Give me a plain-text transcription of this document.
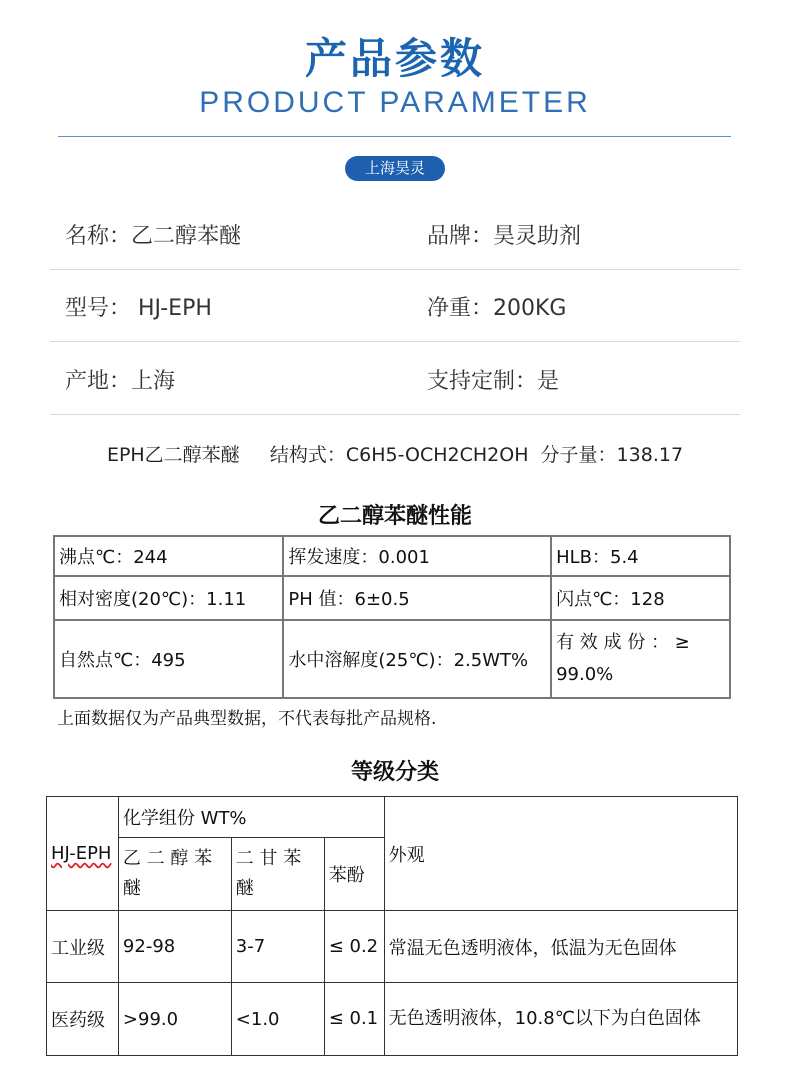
产品参数
PRODUCT PARAMETER
上海昊灵
名称：乙二醇苯醚	品牌：昊灵助剂
型号： HJ-EPH	净重：200KG
产地：上海	支持定制：是
EPH乙二醇苯醚     结构式：C6H5-OCH2CH2OH  分子量：138.17
乙二醇苯醚性能
沸点℃：244	挥发速度：0.001	HLB：5.4
相对密度(20℃)：1.11	PH 值：6±0.5	闪点℃：128
自然点℃：495	水中溶解度(25℃)：2.5WT%	有 效 成 份 ： ≥ 99.0%
上面数据仅为产品典型数据，不代表每批产品规格.
等级分类
HJ-EPH	化学组份 WT%			外观
	乙 二 醇 苯 醚	二 甘 苯 醚	苯酚	
工业级	92-98	3-7	≤ 0.2	常温无色透明液体，低温为无色固体
医药级	>99.0	<1.0	≤ 0.1	无色透明液体，10.8℃以下为白色固体
